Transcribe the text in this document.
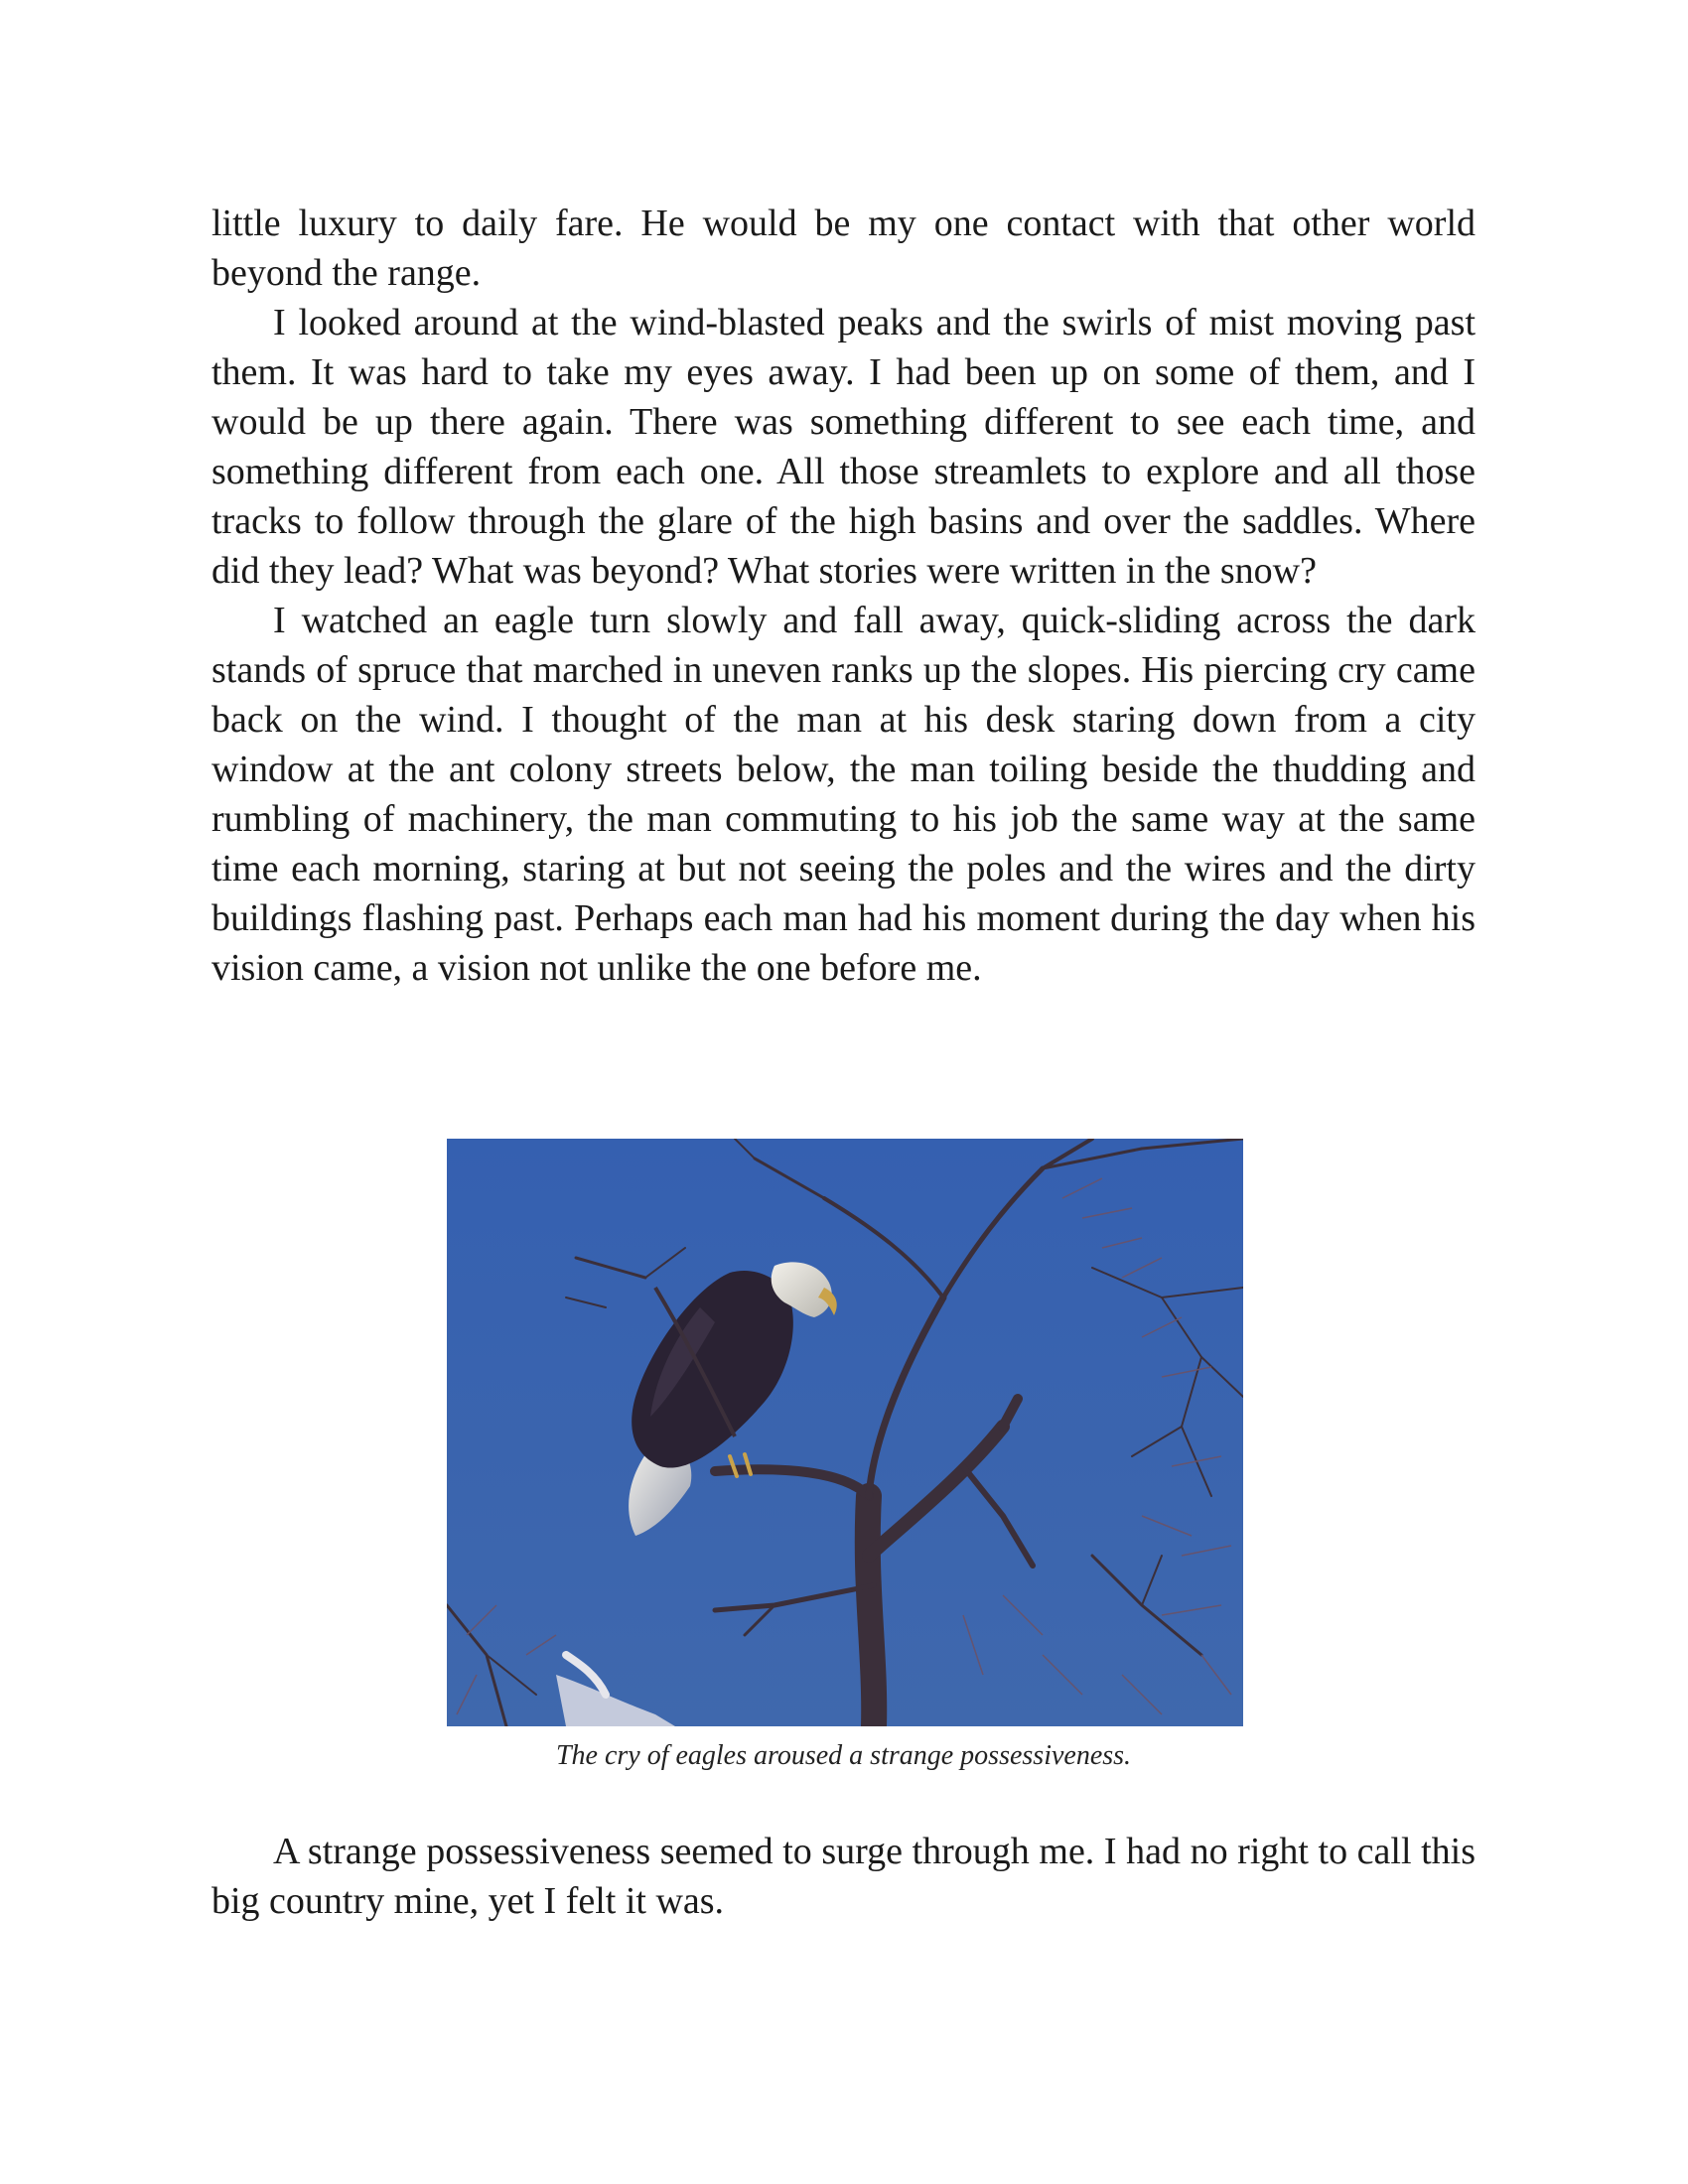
little luxury to daily fare. He would be my one contact with that other world beyond the range.

I looked around at the wind-blasted peaks and the swirls of mist moving past them. It was hard to take my eyes away. I had been up on some of them, and I would be up there again. There was something different to see each time, and something different from each one. All those streamlets to explore and all those tracks to follow through the glare of the high basins and over the saddles. Where did they lead? What was beyond? What stories were written in the snow?

I watched an eagle turn slowly and fall away, quick-sliding across the dark stands of spruce that marched in uneven ranks up the slopes. His piercing cry came back on the wind. I thought of the man at his desk staring down from a city window at the ant colony streets below, the man toiling beside the thudding and rumbling of machinery, the man commuting to his job the same way at the same time each morning, staring at but not seeing the poles and the wires and the dirty buildings flashing past. Perhaps each man had his moment during the day when his vision came, a vision not unlike the one before me.

The cry of eagles aroused a strange possessiveness.

A strange possessiveness seemed to surge through me. I had no right to call this big country mine, yet I felt it was.
